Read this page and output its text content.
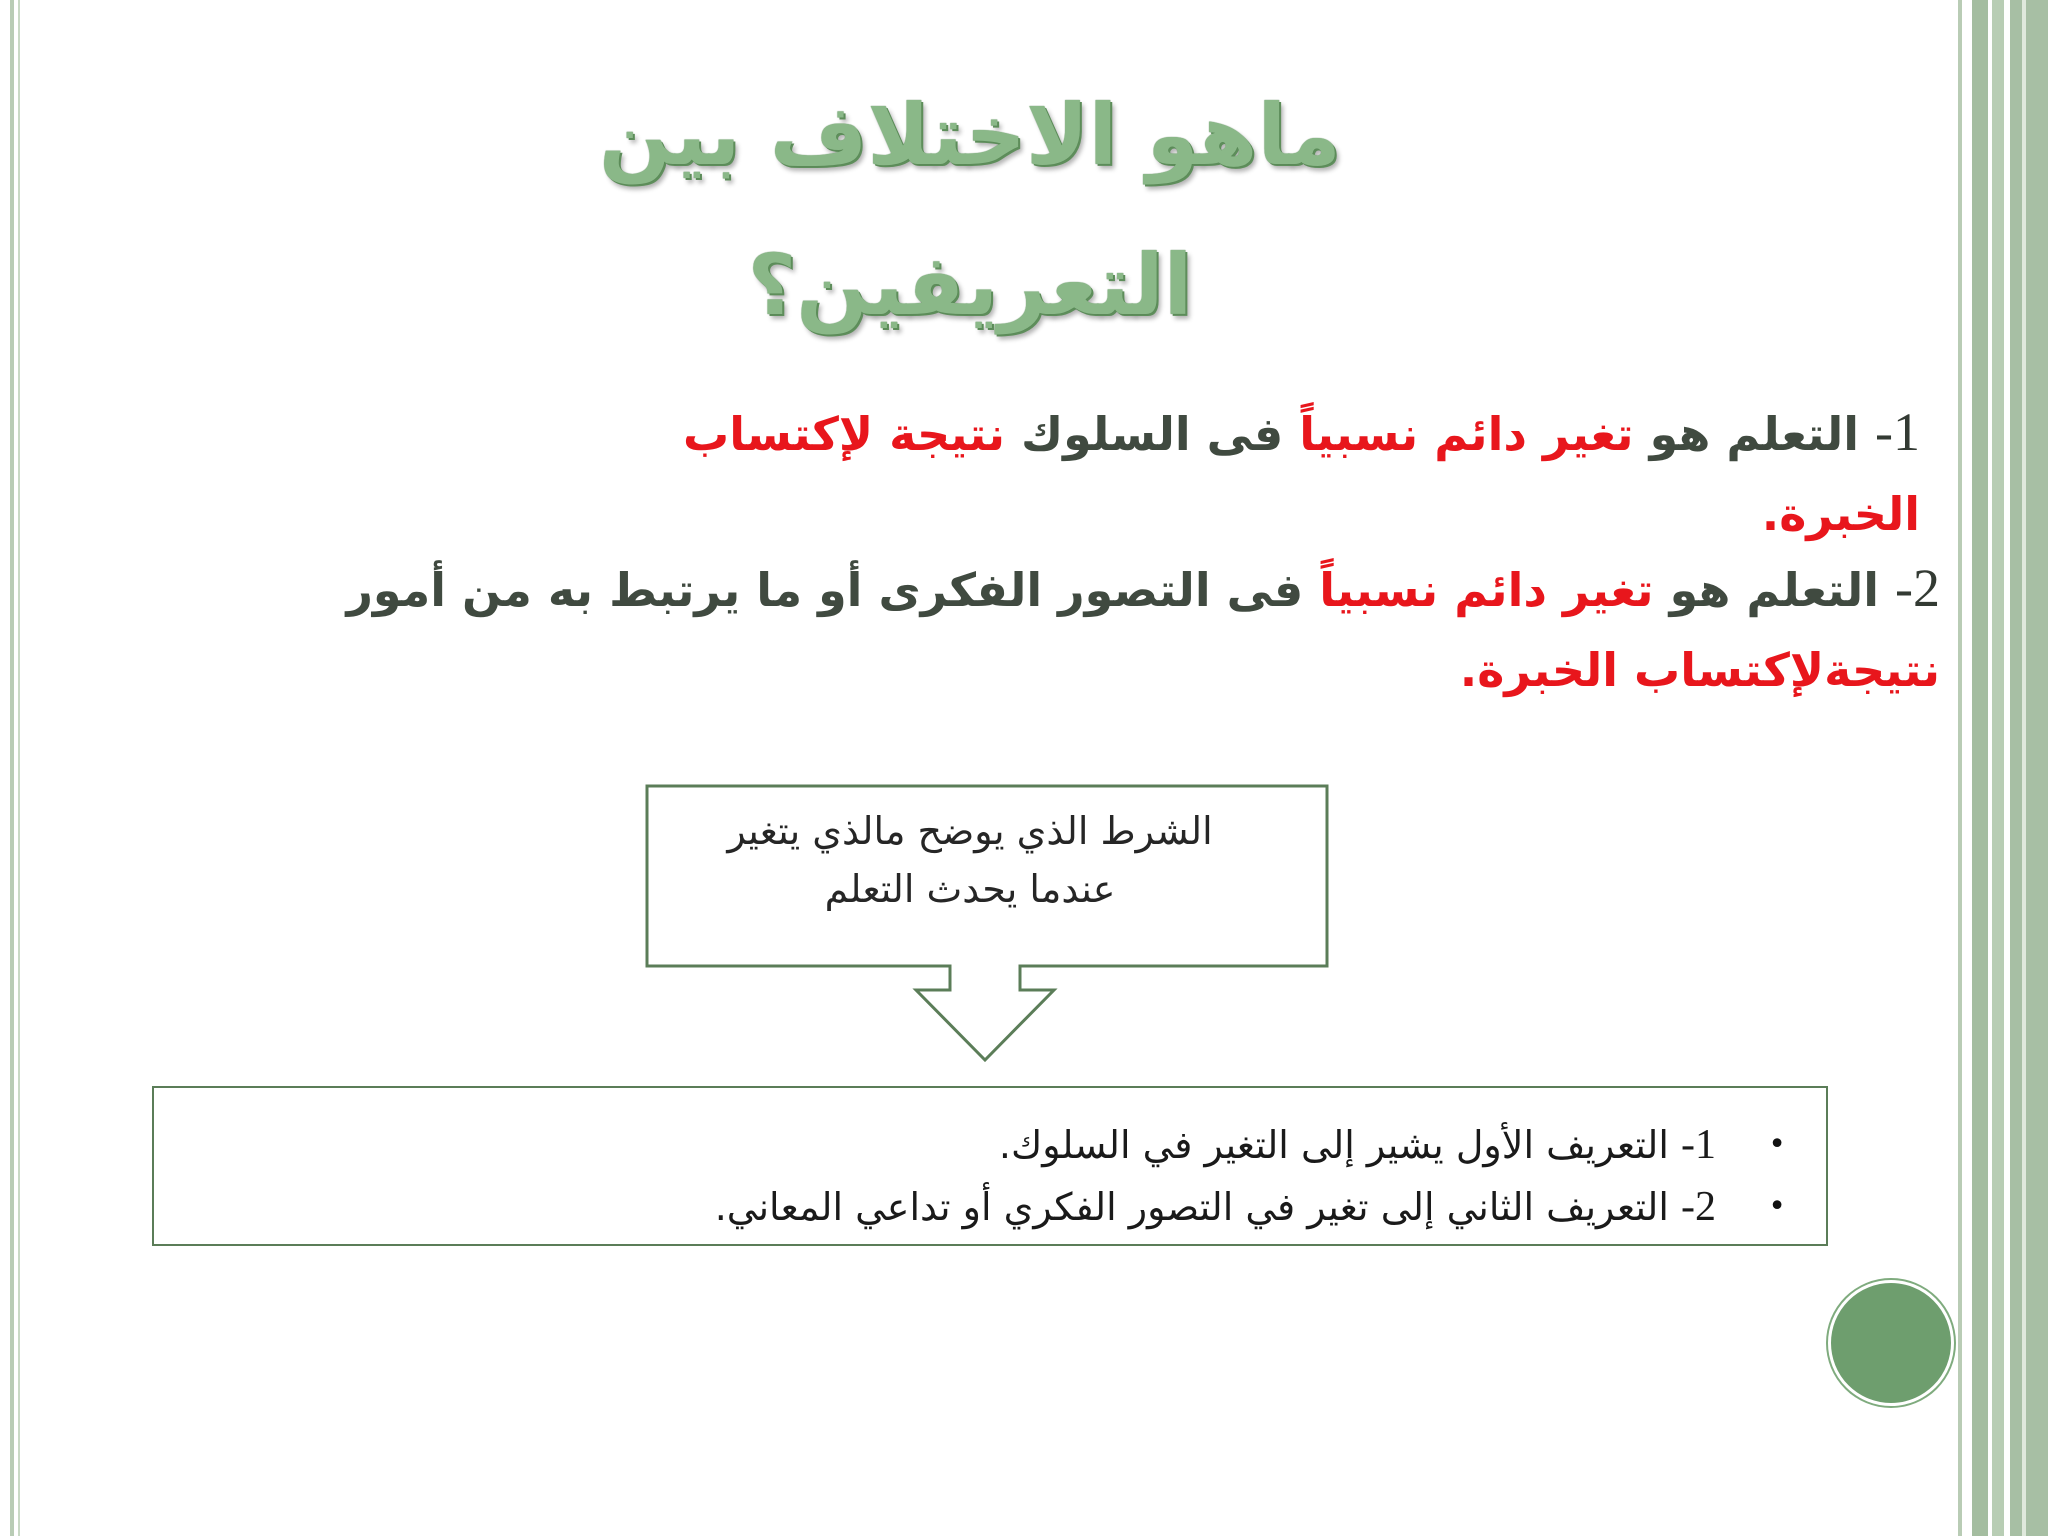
ماهو الاختلاف بين التعريفين؟
1- التعلم هو تغير دائم نسبياً فى السلوك نتيجة لإكتساب الخبرة.
2- التعلم هو تغير دائم نسبياً فى التصور الفكرى أو ما يرتبط به من أمور نتيجةلإكتساب الخبرة.
الشرط الذي يوضح مالذي يتغير
عندما يحدث التعلم
•
1- التعريف الأول يشير إلى التغير في السلوك.
•
2- التعريف الثاني إلى تغير في التصور الفكري أو تداعي المعاني.
